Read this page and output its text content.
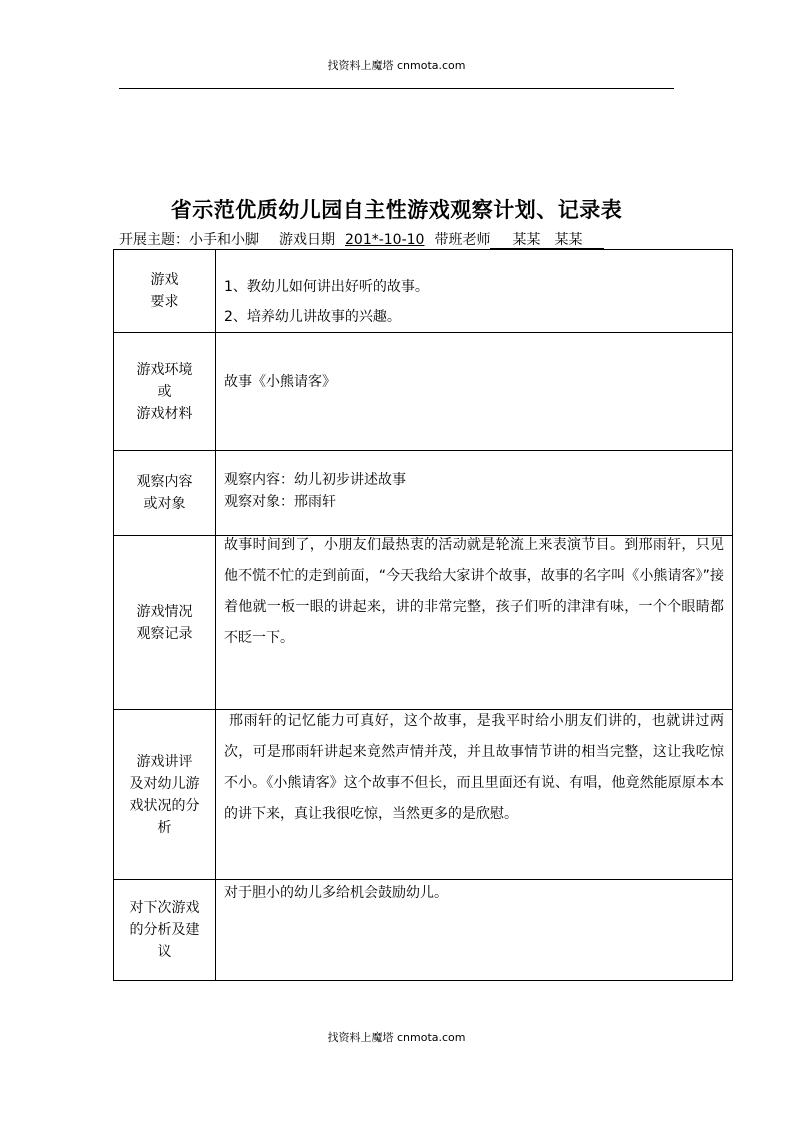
找资料上魔塔 cnmota.com
省示范优质幼儿园自主性游戏观察计划、记录表
开展主题：小手和小脚 游戏日期 201*-10-10 带班老师 某某　某某
游戏
要求	1、教幼儿如何讲出好听的故事。
2、培养幼儿讲故事的兴趣。

游戏环境
或
游戏材料	故事《小熊请客》

观察内容
或对象	观察内容：幼儿初步讲述故事
观察对象：邢雨轩

游戏情况
观察记录	故事时间到了，小朋友们最热衷的活动就是轮流上来表演节目。到邢雨轩，只见他不慌不忙的走到前面，“今天我给大家讲个故事，故事的名字叫《小熊请客》”接着他就一板一眼的讲起来，讲的非常完整，孩子们听的津津有味，一个个眼睛都不眨一下。

游戏讲评
及对幼儿游
戏状况的分
析	邢雨轩的记忆能力可真好，这个故事，是我平时给小朋友们讲的，也就讲过两次，可是邢雨轩讲起来竟然声情并茂，并且故事情节讲的相当完整，这让我吃惊不小。《小熊请客》这个故事不但长，而且里面还有说、有唱，他竟然能原原本本的讲下来，真让我很吃惊，当然更多的是欣慰。

对下次游戏
的分析及建
议	对于胆小的幼儿多给机会鼓励幼儿。
找资料上魔塔 cnmota.com
